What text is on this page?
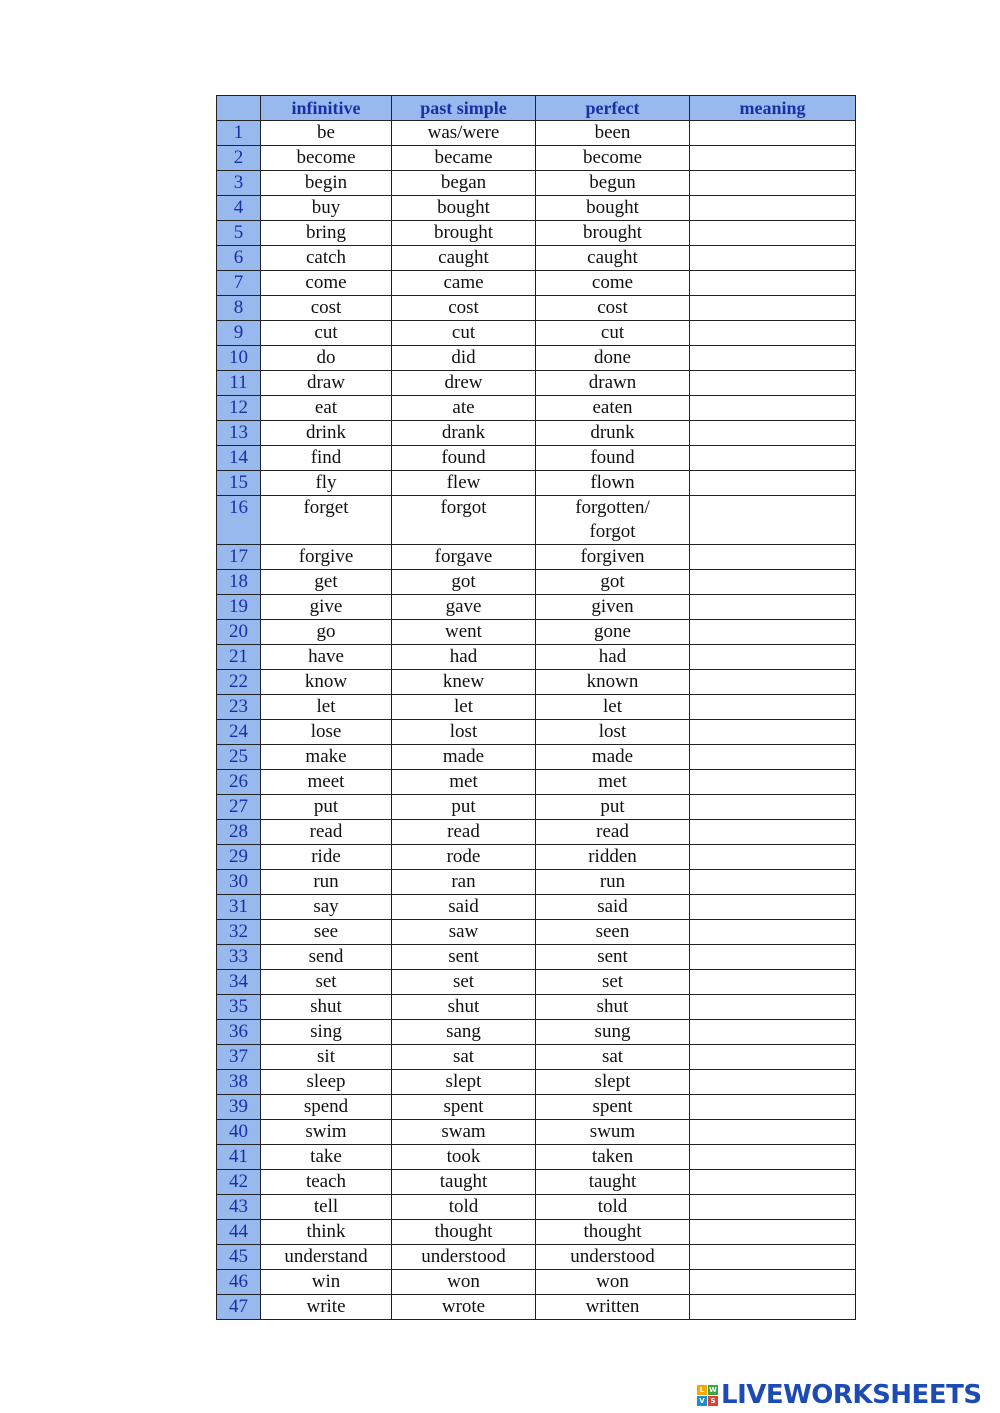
	infinitive	past simple	perfect	meaning
1	be	was/were	been	
2	become	became	become	
3	begin	began	begun	
4	buy	bought	bought	
5	bring	brought	brought	
6	catch	caught	caught	
7	come	came	come	
8	cost	cost	cost	
9	cut	cut	cut	
10	do	did	done	
11	draw	drew	drawn	
12	eat	ate	eaten	
13	drink	drank	drunk	
14	find	found	found	
15	fly	flew	flown	
16	forget	forgot	forgotten/ forgot	
17	forgive	forgave	forgiven	
18	get	got	got	
19	give	gave	given	
20	go	went	gone	
21	have	had	had	
22	know	knew	known	
23	let	let	let	
24	lose	lost	lost	
25	make	made	made	
26	meet	met	met	
27	put	put	put	
28	read	read	read	
29	ride	rode	ridden	
30	run	ran	run	
31	say	said	said	
32	see	saw	seen	
33	send	sent	sent	
34	set	set	set	
35	shut	shut	shut	
36	sing	sang	sung	
37	sit	sat	sat	
38	sleep	slept	slept	
39	spend	spent	spent	
40	swim	swam	swum	
41	take	took	taken	
42	teach	taught	taught	
43	tell	told	told	
44	think	thought	thought	
45	understand	understood	understood	
46	win	won	won	
47	write	wrote	written	
L W
V S LIVEWORKSHEETS
